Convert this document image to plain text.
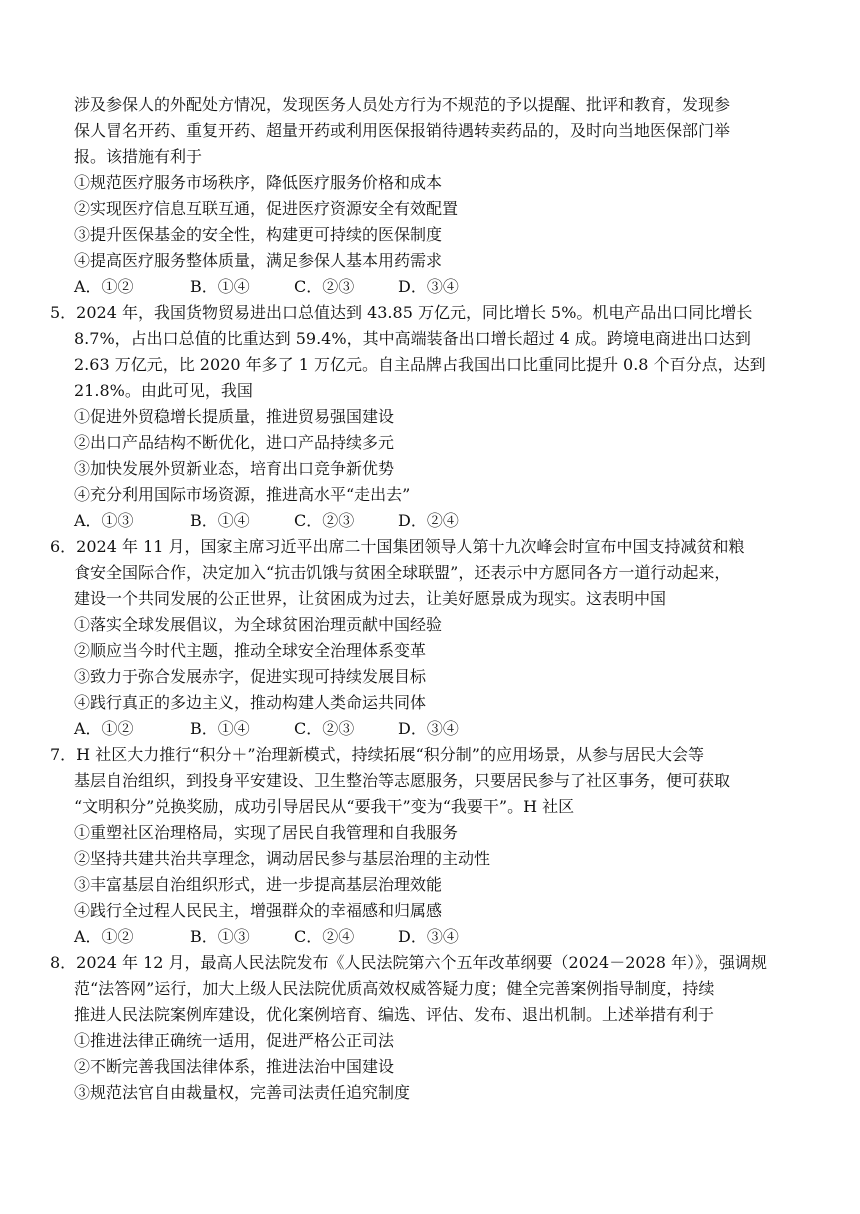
涉及参保人的外配处方情况，发现医务人员处方行为不规范的予以提醒、批评和教育，发现参
保人冒名开药、重复开药、超量开药或利用医保报销待遇转卖药品的，及时向当地医保部门举
报。该措施有利于
①规范医疗服务市场秩序，降低医疗服务价格和成本
②实现医疗信息互联互通，促进医疗资源安全有效配置
③提升医保基金的安全性，构建更可持续的医保制度
④提高医疗服务整体质量，满足参保人基本用药需求
A．①②	B．①④	C．②③	D．③④
5．2024 年，我国货物贸易进出口总值达到 43.85 万亿元，同比增长 5%。机电产品出口同比增长
8.7%，占出口总值的比重达到 59.4%，其中高端装备出口增长超过 4 成。跨境电商进出口达到
2.63 万亿元，比 2020 年多了 1 万亿元。自主品牌占我国出口比重同比提升 0.8 个百分点，达到
21.8%。由此可见，我国
①促进外贸稳增长提质量，推进贸易强国建设
②出口产品结构不断优化，进口产品持续多元
③加快发展外贸新业态，培育出口竞争新优势
④充分利用国际市场资源，推进高水平“走出去”
A．①③	B．①④	C．②③	D．②④
6．2024 年 11 月，国家主席习近平出席二十国集团领导人第十九次峰会时宣布中国支持减贫和粮
食安全国际合作，决定加入“抗击饥饿与贫困全球联盟”，还表示中方愿同各方一道行动起来，
建设一个共同发展的公正世界，让贫困成为过去，让美好愿景成为现实。这表明中国
①落实全球发展倡议，为全球贫困治理贡献中国经验
②顺应当今时代主题，推动全球安全治理体系变革
③致力于弥合发展赤字，促进实现可持续发展目标
④践行真正的多边主义，推动构建人类命运共同体
A．①②	B．①④	C．②③	D．③④
7．H 社区大力推行“积分＋”治理新模式，持续拓展“积分制”的应用场景，从参与居民大会等
基层自治组织，到投身平安建设、卫生整治等志愿服务，只要居民参与了社区事务，便可获取
“文明积分”兑换奖励，成功引导居民从“要我干”变为“我要干”。H 社区
①重塑社区治理格局，实现了居民自我管理和自我服务
②坚持共建共治共享理念，调动居民参与基层治理的主动性
③丰富基层自治组织形式，进一步提高基层治理效能
④践行全过程人民民主，增强群众的幸福感和归属感
A．①②	B．①③	C．②④	D．③④
8．2024 年 12 月，最高人民法院发布《人民法院第六个五年改革纲要（2024－2028 年）》，强调规
范“法答网”运行，加大上级人民法院优质高效权威答疑力度；健全完善案例指导制度，持续
推进人民法院案例库建设，优化案例培育、编选、评估、发布、退出机制。上述举措有利于
①推进法律正确统一适用，促进严格公正司法
②不断完善我国法律体系，推进法治中国建设
③规范法官自由裁量权，完善司法责任追究制度
